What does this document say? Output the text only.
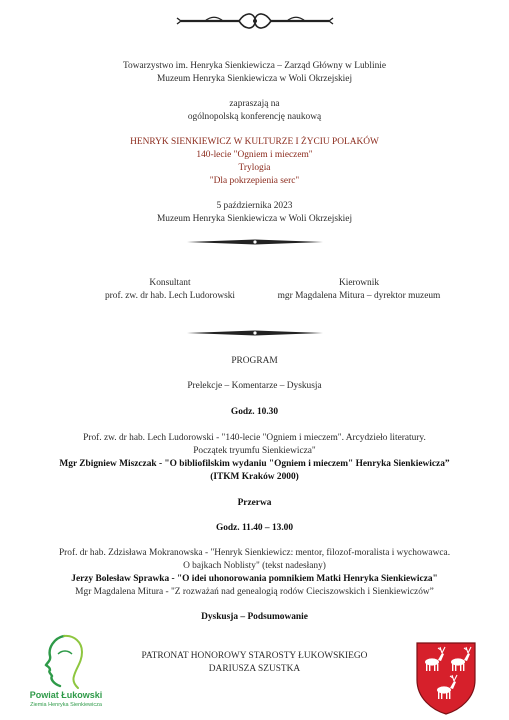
Towarzystwo im. Henryka Sienkiewicza – Zarząd Główny w Lublinie
Muzeum Henryka Sienkiewicza w Woli Okrzejskiej
zapraszają na
ogólnopolską konferencję naukową
HENRYK SIENKIEWICZ W KULTURZE I ŻYCIU POLAKÓW
140-lecie "Ogniem i mieczem"
Trylogia
"Dla pokrzepienia serc"
5 października 2023
Muzeum Henryka Sienkiewicza w Woli Okrzejskiej
Konsultant
prof. zw. dr hab. Lech Ludorowski
Kierownik
mgr Magdalena Mitura – dyrektor muzeum
PROGRAM
Prelekcje – Komentarze – Dyskusja
Godz. 10.30
Prof. zw. dr hab. Lech Ludorowski - "140-lecie "Ogniem i mieczem". Arcydzieło literatury.
Początek tryumfu Sienkiewicza"
Mgr Zbigniew Miszczak - "O bibliofilskim wydaniu "Ogniem i mieczem" Henryka Sienkiewicza”
(ITKM Kraków 2000)
Przerwa
Godz. 11.40 – 13.00
Prof. dr hab. Zdzisława Mokranowska - "Henryk Sienkiewicz: mentor, filozof-moralista i wychowawca.
O bajkach Noblisty" (tekst nadesłany)
Jerzy Bolesław Sprawka - "O idei uhonorowania pomnikiem Matki Henryka Sienkiewicza"
Mgr Magdalena Mitura - "Z rozważań nad genealogią rodów Cieciszowskich i Sienkiewiczów”
Dyskusja – Podsumowanie
PATRONAT HONOROWY STAROSTY ŁUKOWSKIEGO
DARIUSZA SZUSTKA
Powiat Łukowski
Ziemia Henryka Sienkiewicza
